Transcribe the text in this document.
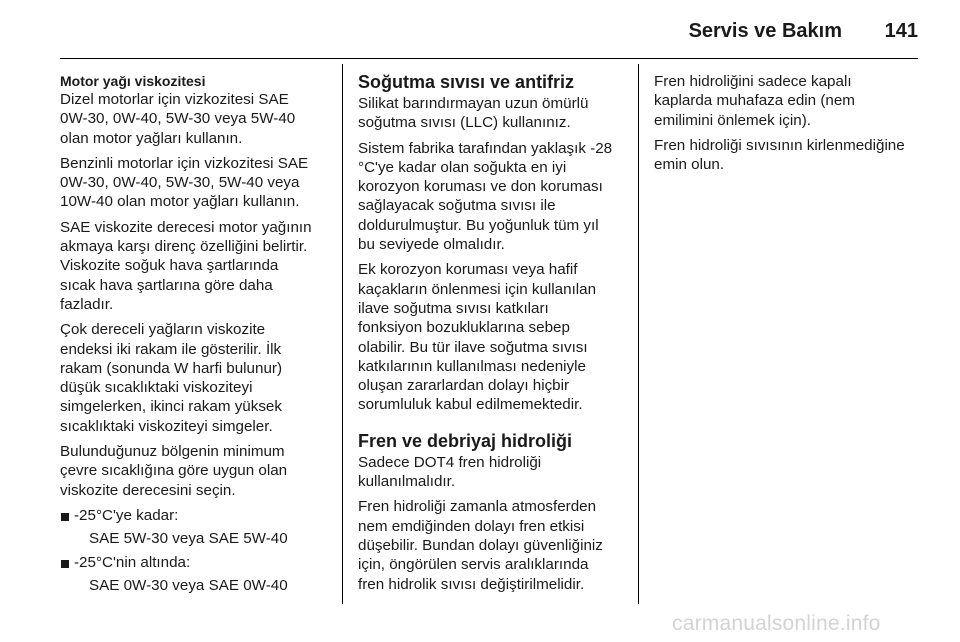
Servis ve Bakım 141
Motor yağı viskozitesi
Dizel motorlar için vizkozitesi SAE
0W-30, 0W-40, 5W-30 veya 5W-40
olan motor yağları kullanın.
Benzinli motorlar için vizkozitesi SAE
0W-30, 0W-40, 5W-30, 5W-40 veya
10W-40 olan motor yağları kullanın.
SAE viskozite derecesi motor yağının
akmaya karşı direnç özelliğini belirtir.
Viskozite soğuk hava şartlarında
sıcak hava şartlarına göre daha
fazladır.
Çok dereceli yağların viskozite
endeksi iki rakam ile gösterilir. İlk
rakam (sonunda W harfi bulunur)
düşük sıcaklıktaki viskoziteyi
simgelerken, ikinci rakam yüksek
sıcaklıktaki viskoziteyi simgeler.
Bulunduğunuz bölgenin minimum
çevre sıcaklığına göre uygun olan
viskozite derecesini seçin.
-25°C'ye kadar:
SAE 5W-30 veya SAE 5W-40
-25°C'nin altında:
SAE 0W-30 veya SAE 0W-40
Soğutma sıvısı ve antifriz
Silikat barındırmayan uzun ömürlü
soğutma sıvısı (LLC) kullanınız.
Sistem fabrika tarafından yaklaşık -28
°C'ye kadar olan soğukta en iyi
korozyon koruması ve don koruması
sağlayacak soğutma sıvısı ile
doldurulmuştur. Bu yoğunluk tüm yıl
bu seviyede olmalıdır.
Ek korozyon koruması veya hafif
kaçakların önlenmesi için kullanılan
ilave soğutma sıvısı katkıları
fonksiyon bozukluklarına sebep
olabilir. Bu tür ilave soğutma sıvısı
katkılarının kullanılması nedeniyle
oluşan zararlardan dolayı hiçbir
sorumluluk kabul edilmemektedir.
Fren ve debriyaj hidroliği
Sadece DOT4 fren hidroliği
kullanılmalıdır.
Fren hidroliği zamanla atmosferden
nem emdiğinden dolayı fren etkisi
düşebilir. Bundan dolayı güvenliğiniz
için, öngörülen servis aralıklarında
fren hidrolik sıvısı değiştirilmelidir.
Fren hidroliğini sadece kapalı
kaplarda muhafaza edin (nem
emilimini önlemek için).
Fren hidroliği sıvısının kirlenmediğine
emin olun.
carmanualsonline.info
